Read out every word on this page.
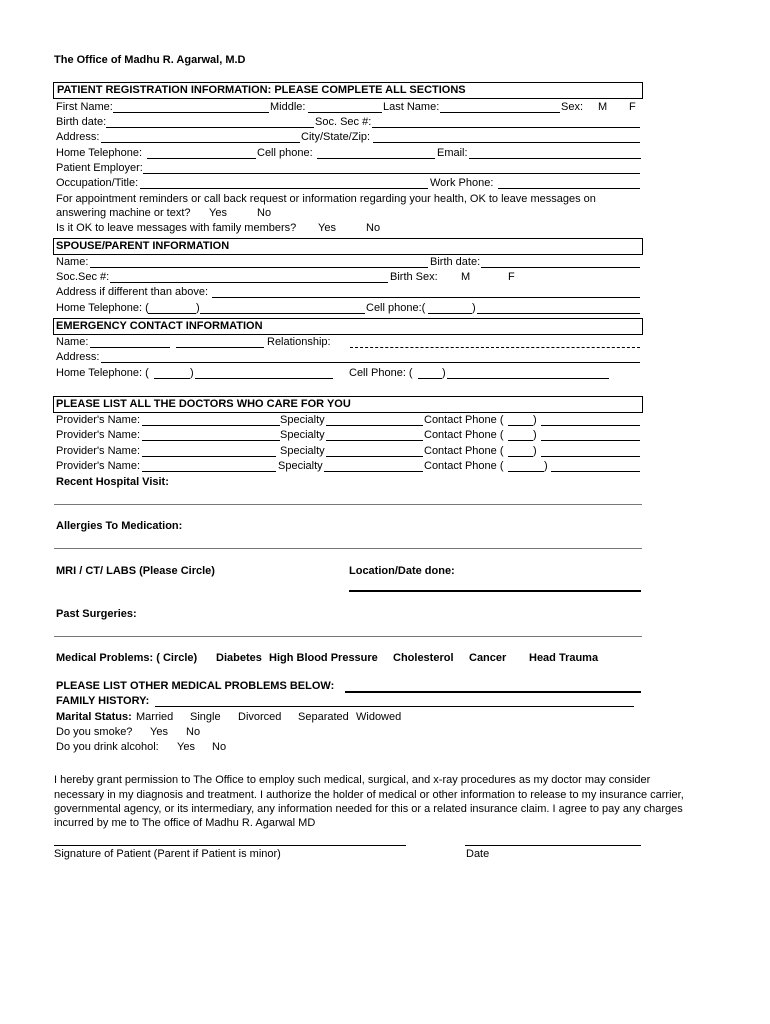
The Office of Madhu R. Agarwal, M.D
PATIENT REGISTRATION INFORMATION: PLEASE COMPLETE ALL SECTIONS
First Name:	Middle:	Last Name:	Sex: M F
Birth date:	Soc. Sec #:
Address:	City/State/Zip:
Home Telephone:	Cell phone:	Email:
Patient Employer:
Occupation/Title:	Work Phone:
For appointment reminders or call back request or information regarding your health, OK to leave messages on
answering machine or text? Yes	No
Is it OK to leave messages with family members? Yes	No
SPOUSE/PARENT INFORMATION
Name:	Birth date:
Soc.Sec #:	Birth Sex: M	F
Address if different than above:
Home Telephone: (	)	Cell phone:(	)
EMERGENCY CONTACT INFORMATION
Name:	Relationship:
Address:
Home Telephone: (	)	Cell Phone: (	)
PLEASE LIST ALL THE DOCTORS WHO CARE FOR YOU
Provider's Name:	Specialty	Contact Phone (	)
Provider's Name:	Specialty	Contact Phone (	)
Provider's Name:	Specialty	Contact Phone (	)
Provider's Name:	Specialty	Contact Phone (	)
Recent Hospital Visit:
Allergies To Medication:
MRI / CT/ LABS (Please Circle)	Location/Date done:
Past Surgeries:
Medical Problems: ( Circle) Diabetes High Blood Pressure Cholesterol Cancer Head Trauma
PLEASE LIST OTHER MEDICAL PROBLEMS BELOW:
FAMILY HISTORY:
Marital Status: Married Single Divorced Separated Widowed
Do you smoke? Yes No
Do you drink alcohol: Yes No
I hereby grant permission to The Office to employ such medical, surgical, and x-ray procedures as my doctor may consider
necessary in my diagnosis and treatment. I authorize the holder of medical or other information to release to my insurance carrier,
governmental agency, or its intermediary, any information needed for this or a related insurance claim. I agree to pay any charges
incurred by me to The office of Madhu R. Agarwal MD
Signature of Patient (Parent if Patient is minor)	Date
